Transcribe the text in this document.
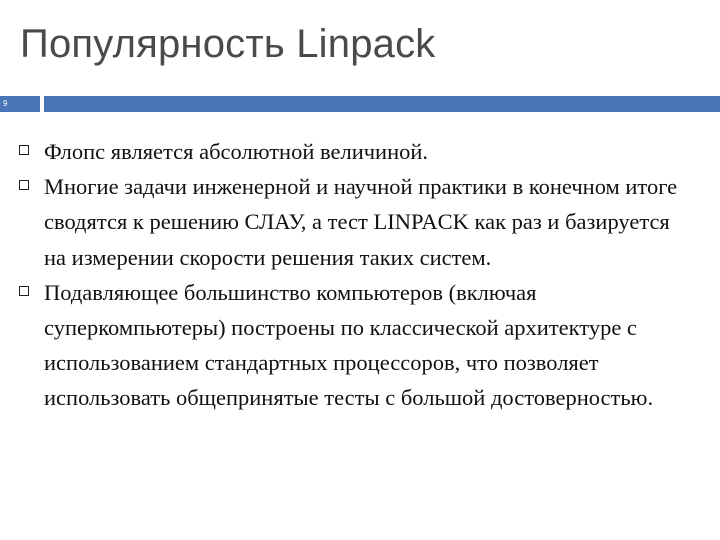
Популярность Linpack
9
Флопс является абсолютной величиной.
Многие задачи инженерной и научной практики в конечном итоге сводятся к решению СЛАУ, а тест LINPACK как раз и базируется на измерении скорости решения таких систем.
Подавляющее большинство компьютеров (включая суперкомпьютеры) построены по классической архитектуре с использованием стандартных процессоров, что позволяет использовать общепринятые тесты с большой достоверностью.
